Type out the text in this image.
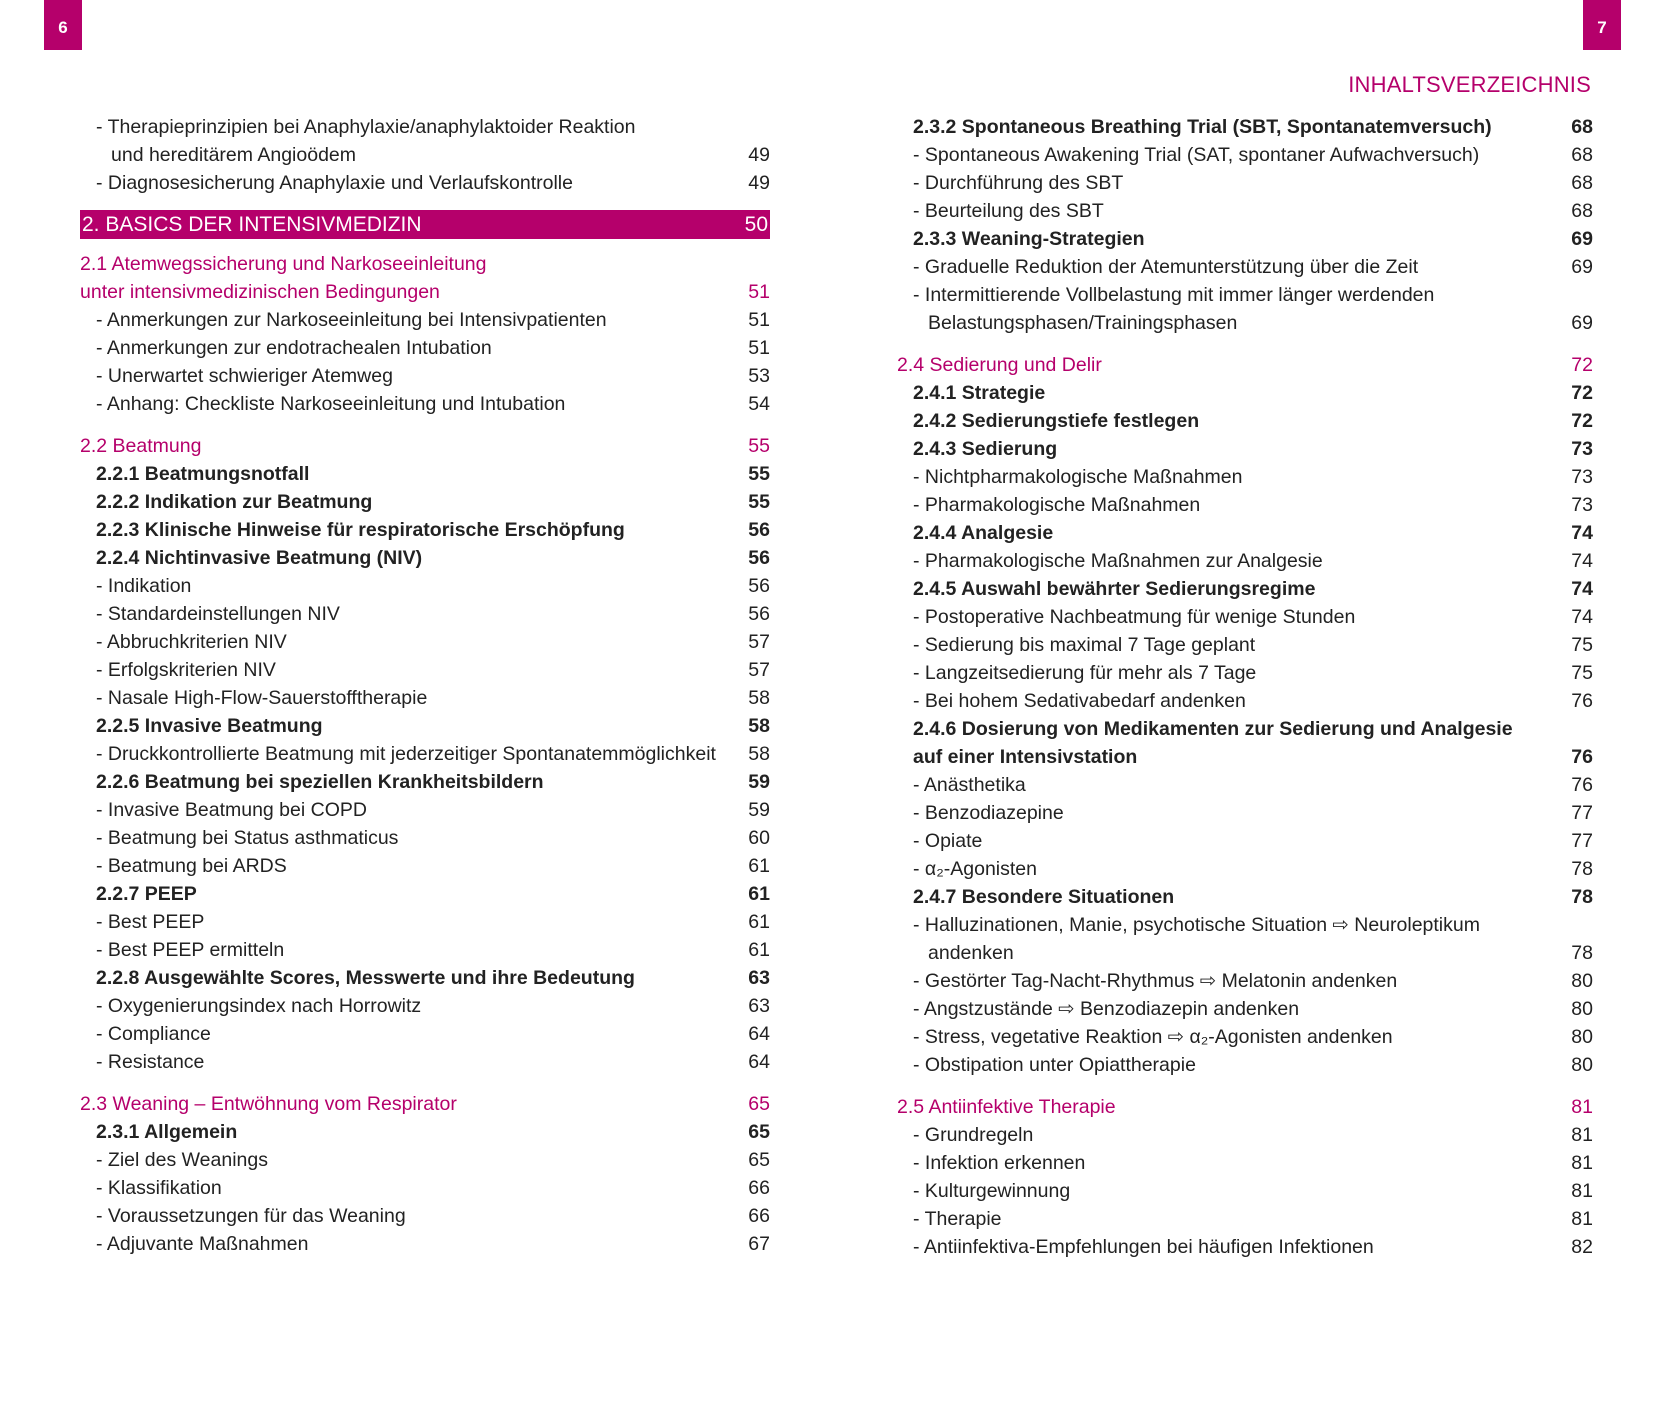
6	7
INHALTSVERZEICHNIS
- Therapieprinzipien bei Anaphylaxie/anaphylaktoider Reaktion
und hereditärem Angioödem	49
- Diagnosesicherung Anaphylaxie und Verlaufskontrolle	49
2. BASICS DER INTENSIVMEDIZIN	50
2.1 Atemwegssicherung und Narkoseeinleitung
unter intensivmedizinischen Bedingungen	51
- Anmerkungen zur Narkoseeinleitung bei Intensivpatienten	51
- Anmerkungen zur endotrachealen Intubation	51
- Unerwartet schwieriger Atemweg	53
- Anhang: Checkliste Narkoseeinleitung und Intubation	54
2.2 Beatmung	55
2.2.1 Beatmungsnotfall	55
2.2.2 Indikation zur Beatmung	55
2.2.3 Klinische Hinweise für respiratorische Erschöpfung	56
2.2.4 Nichtinvasive Beatmung (NIV)	56
- Indikation	56
- Standardeinstellungen NIV	56
- Abbruchkriterien NIV	57
- Erfolgskriterien NIV	57
- Nasale High-Flow-Sauerstofftherapie	58
2.2.5 Invasive Beatmung	58
- Druckkontrollierte Beatmung mit jederzeitiger Spontanatemmöglichkeit 58
2.2.6 Beatmung bei speziellen Krankheitsbildern	59
- Invasive Beatmung bei COPD	59
- Beatmung bei Status asthmaticus	60
- Beatmung bei ARDS	61
2.2.7 PEEP	61
- Best PEEP	61
- Best PEEP ermitteln	61
2.2.8 Ausgewählte Scores, Messwerte und ihre Bedeutung	63
- Oxygenierungsindex nach Horrowitz	63
- Compliance	64
- Resistance	64
2.3 Weaning – Entwöhnung vom Respirator	65
2.3.1 Allgemein	65
- Ziel des Weanings	65
- Klassifikation	66
- Voraussetzungen für das Weaning	66
- Adjuvante Maßnahmen	67
2.3.2 Spontaneous Breathing Trial (SBT, Spontanatemversuch)	68
- Spontaneous Awakening Trial (SAT, spontaner Aufwachversuch)	68
- Durchführung des SBT	68
- Beurteilung des SBT	68
2.3.3 Weaning-Strategien	69
- Graduelle Reduktion der Atemunterstützung über die Zeit	69
- Intermittierende Vollbelastung mit immer länger werdenden
Belastungsphasen/Trainingsphasen	69
2.4 Sedierung und Delir	72
2.4.1 Strategie	72
2.4.2 Sedierungstiefe festlegen	72
2.4.3 Sedierung	73
- Nichtpharmakologische Maßnahmen	73
- Pharmakologische Maßnahmen	73
2.4.4 Analgesie	74
- Pharmakologische Maßnahmen zur Analgesie	74
2.4.5 Auswahl bewährter Sedierungsregime	74
- Postoperative Nachbeatmung für wenige Stunden	74
- Sedierung bis maximal 7 Tage geplant	75
- Langzeitsedierung für mehr als 7 Tage	75
- Bei hohem Sedativabedarf andenken	76
2.4.6 Dosierung von Medikamenten zur Sedierung und Analgesie
auf einer Intensivstation	76
- Anästhetika	76
- Benzodiazepine	77
- Opiate	77
- α₂-Agonisten	78
2.4.7 Besondere Situationen	78
- Halluzinationen, Manie, psychotische Situation ⇨ Neuroleptikum
andenken	78
- Gestörter Tag-Nacht-Rhythmus ⇨ Melatonin andenken	80
- Angstzustände ⇨ Benzodiazepin andenken	80
- Stress, vegetative Reaktion ⇨ α₂-Agonisten andenken	80
- Obstipation unter Opiattherapie	80
2.5 Antiinfektive Therapie	81
- Grundregeln	81
- Infektion erkennen	81
- Kulturgewinnung	81
- Therapie	81
- Antiinfektiva-Empfehlungen bei häufigen Infektionen	82
